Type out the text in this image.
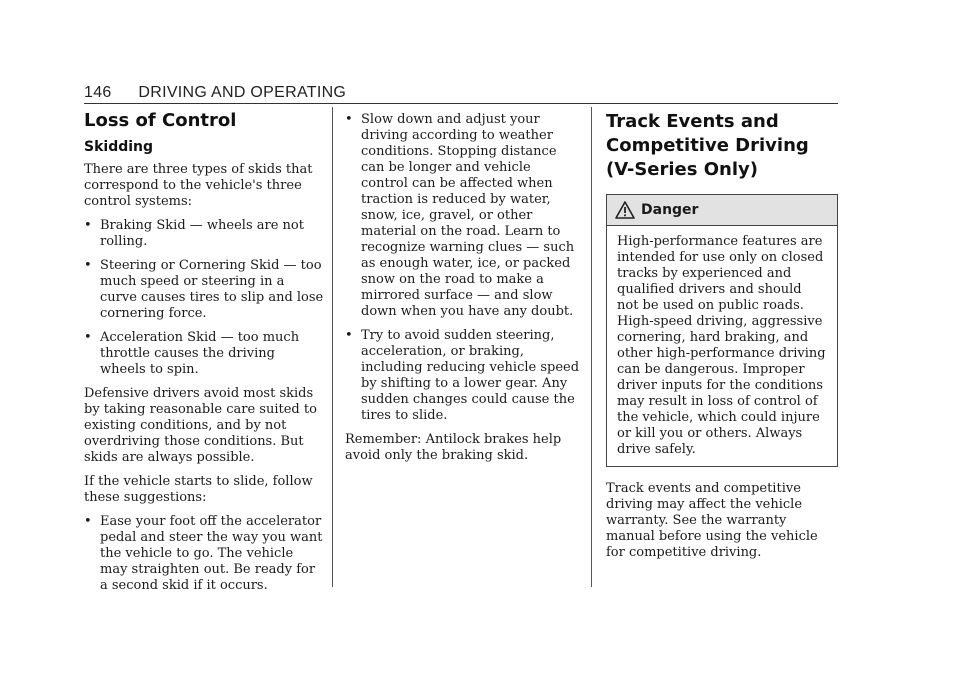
146 DRIVING AND OPERATING
Loss of Control
Skidding

There are three types of skids that correspond to the vehicle's three control systems:

• Braking Skid — wheels are not rolling.
• Steering or Cornering Skid — too much speed or steering in a curve causes tires to slip and lose cornering force.
• Acceleration Skid — too much throttle causes the driving wheels to spin.

Defensive drivers avoid most skids by taking reasonable care suited to existing conditions, and by not overdriving those conditions. But skids are always possible.

If the vehicle starts to slide, follow these suggestions:

• Ease your foot off the accelerator pedal and steer the way you want the vehicle to go. The vehicle may straighten out. Be ready for a second skid if it occurs.
• Slow down and adjust your driving according to weather conditions. Stopping distance can be longer and vehicle control can be affected when traction is reduced by water, snow, ice, gravel, or other material on the road. Learn to recognize warning clues — such as enough water, ice, or packed snow on the road to make a mirrored surface — and slow down when you have any doubt.
• Try to avoid sudden steering, acceleration, or braking, including reducing vehicle speed by shifting to a lower gear. Any sudden changes could cause the tires to slide.

Remember: Antilock brakes help avoid only the braking skid.

Track Events and
Competitive Driving
(V-Series Only)
Danger
High-performance features are intended for use only on closed tracks by experienced and qualified drivers and should not be used on public roads. High-speed driving, aggressive cornering, hard braking, and other high-performance driving can be dangerous. Improper driver inputs for the conditions may result in loss of control of the vehicle, which could injure or kill you or others. Always drive safely.

Track events and competitive driving may affect the vehicle warranty. See the warranty manual before using the vehicle for competitive driving.
